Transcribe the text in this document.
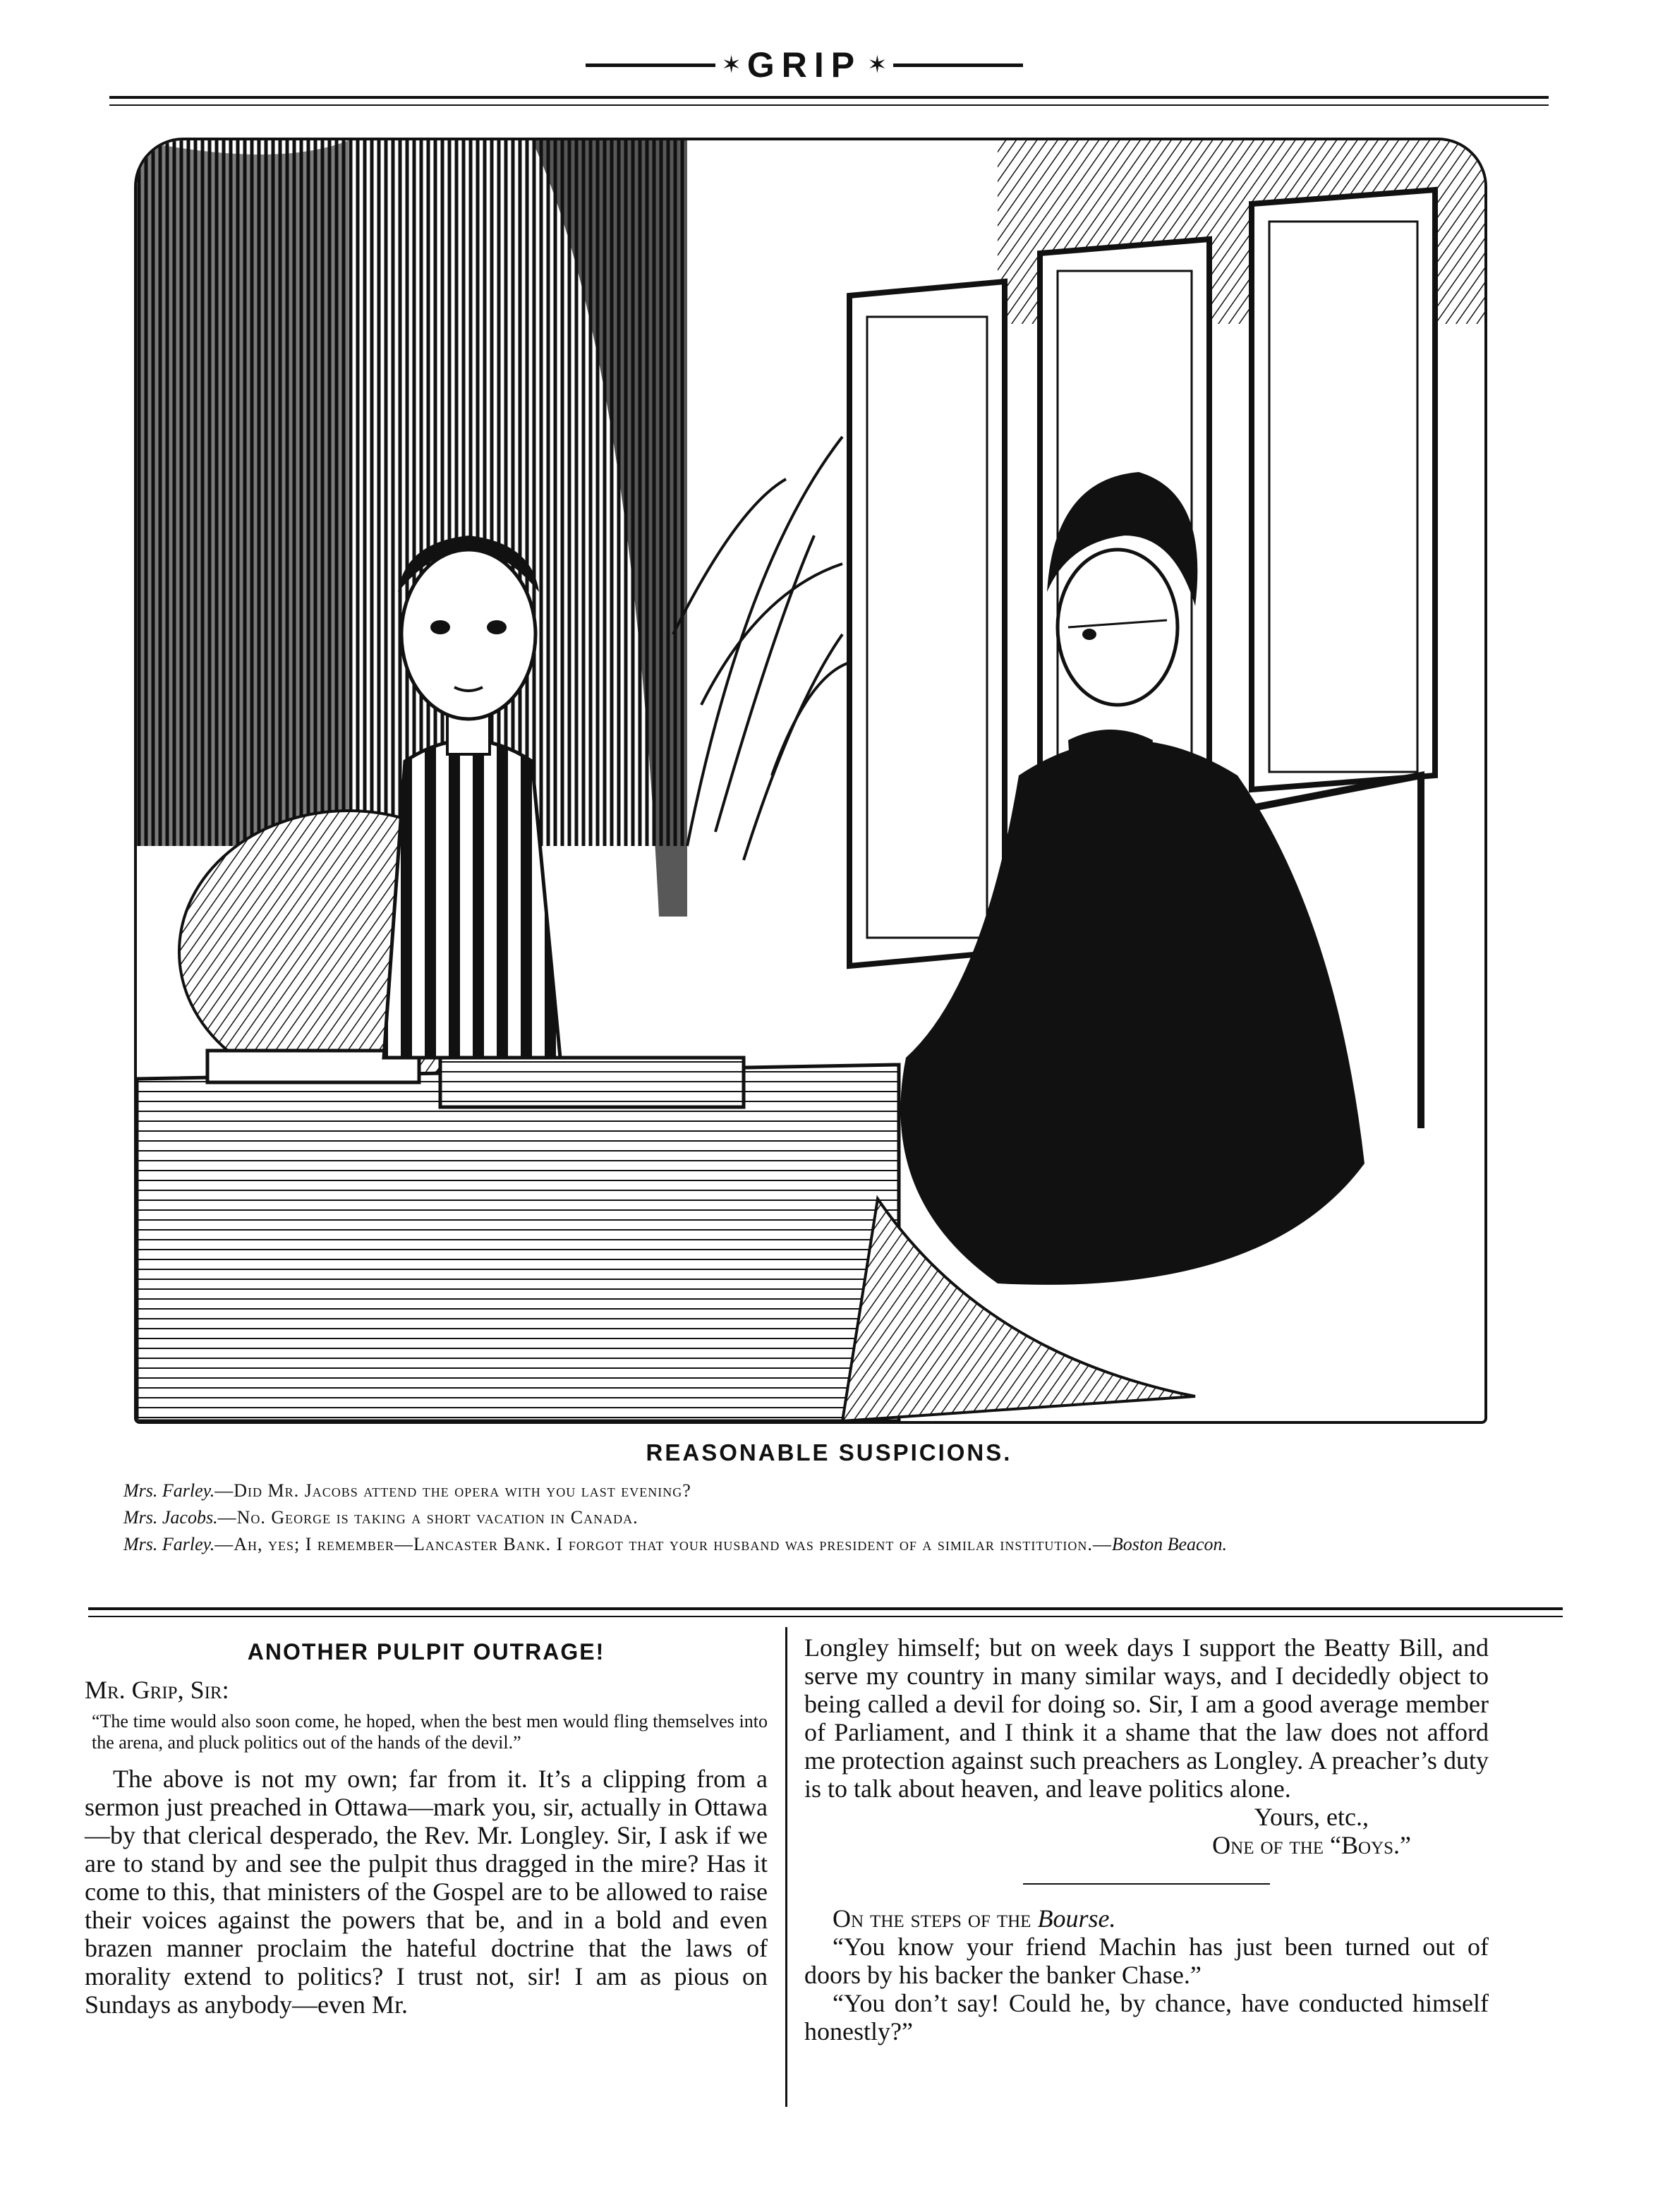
✶ GRIP ✶
REASONABLE SUSPICIONS.
Mrs. Farley.—Did Mr. Jacobs attend the opera with you last evening?
Mrs. Jacobs.—No. George is taking a short vacation in Canada.
Mrs. Farley.—Ah, yes; I remember—Lancaster Bank. I forgot that your husband was president of a similar institution.—Boston Beacon.
ANOTHER PULPIT OUTRAGE!
Mr. Grip, Sir:

“The time would also soon come, he hoped, when the best men would fling themselves into the arena, and pluck politics out of the hands of the devil.”

The above is not my own; far from it. It’s a clipping from a sermon just preached in Ottawa—mark you, sir, actually in Ottawa—by that clerical desperado, the Rev. Mr. Longley. Sir, I ask if we are to stand by and see the pulpit thus dragged in the mire? Has it come to this, that ministers of the Gospel are to be allowed to raise their voices against the powers that be, and in a bold and even brazen manner proclaim the hateful doctrine that the laws of morality extend to politics? I trust not, sir! I am as pious on Sundays as anybody—even Mr.

Longley himself; but on week days I support the Beatty Bill, and serve my country in many similar ways, and I decidedly object to being called a devil for doing so. Sir, I am a good average member of Parliament, and I think it a shame that the law does not afford me protection against such preachers as Longley. A preacher’s duty is to talk about heaven, and leave politics alone.

Yours, etc.,
One of the “Boys.”

On the steps of the Bourse.

“You know your friend Machin has just been turned out of doors by his backer the banker Chase.”

“You don’t say! Could he, by chance, have conducted himself honestly?”
